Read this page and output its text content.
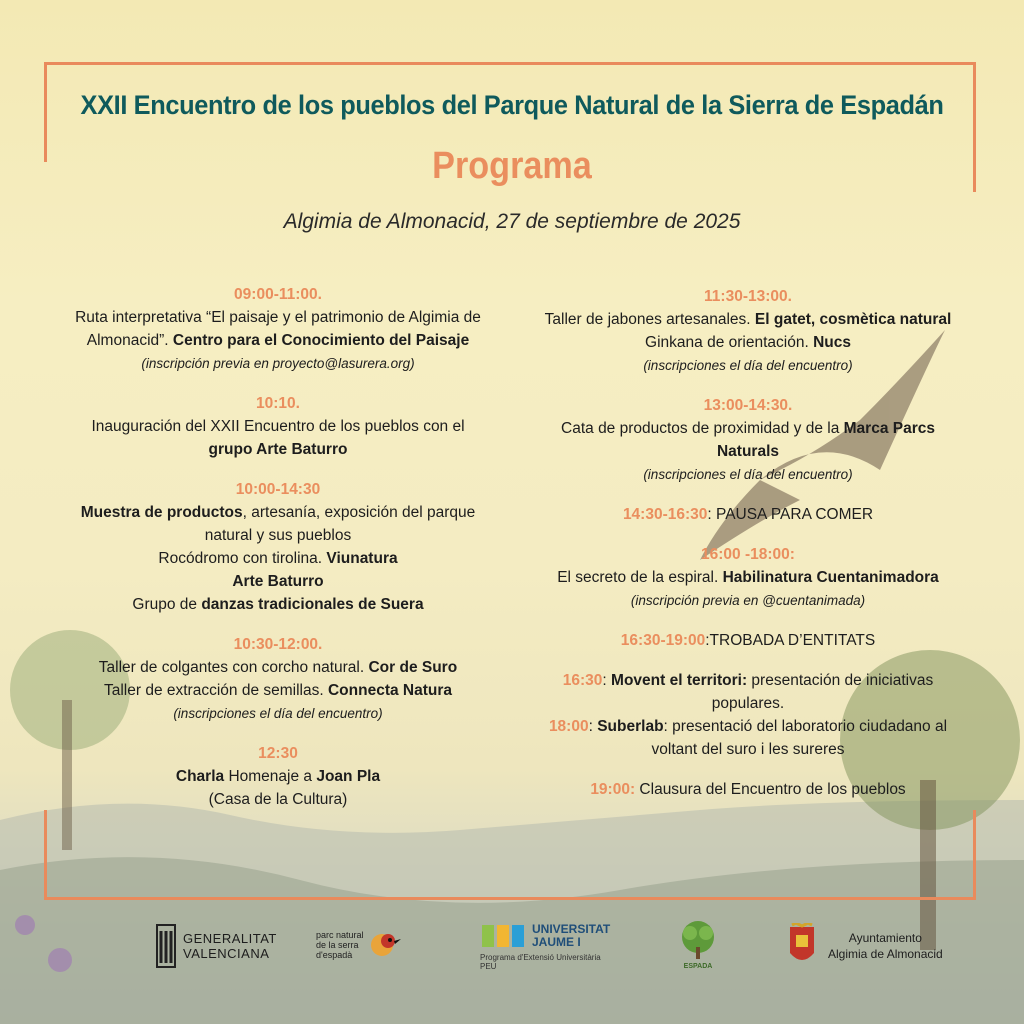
XXII Encuentro de los pueblos del Parque Natural de la Sierra de Espadán
Programa
Algimia de Almonacid, 27 de septiembre de 2025
09:00-11:00.
Ruta interpretativa “El paisaje y el patrimonio de Algimia de
Almonacid”. Centro para el Conocimiento del Paisaje
(inscripción previa en proyecto@lasurera.org)
10:10.
Inauguración del XXII Encuentro de los pueblos con el
grupo Arte Baturro
10:00-14:30
Muestra de productos, artesanía, exposición del parque
natural y sus pueblos
Rocódromo con tirolina. Viunatura
Arte Baturro
Grupo de danzas tradicionales de Suera
10:30-12:00.
Taller de colgantes con corcho natural. Cor de Suro
Taller de extracción de semillas. Connecta Natura
(inscripciones el día del encuentro)
12:30
Charla Homenaje a Joan Pla
(Casa de la Cultura)
11:30-13:00.
Taller de jabones artesanales. El gatet, cosmètica natural
Ginkana de orientación. Nucs
(inscripciones el día del encuentro)
13:00-14:30.
Cata de productos de proximidad y de la Marca Parcs
Naturals
(inscripciones el día del encuentro)
14:30-16:30: PAUSA PARA COMER
16:00 -18:00:
El secreto de la espiral. Habilinatura Cuentanimadora
(inscripción previa en @cuentanimada)
16:30-19:00:TROBADA D’ENTITATS
16:30: Movent el territori: presentación de iniciativas
populares.
18:00: Suberlab: presentació del laboratorio ciudadano al
voltant del suro i les sureres
19:00: Clausura del Encuentro de los pueblos
GENERALITAT
VALENCIANA
parc natural
de la serra
d'espadà
UNIVERSITAT
JAUME I
Programa d'Extensió Universitària
PEU	ESPADA
Ayuntamiento
Algimia de Almonacid
